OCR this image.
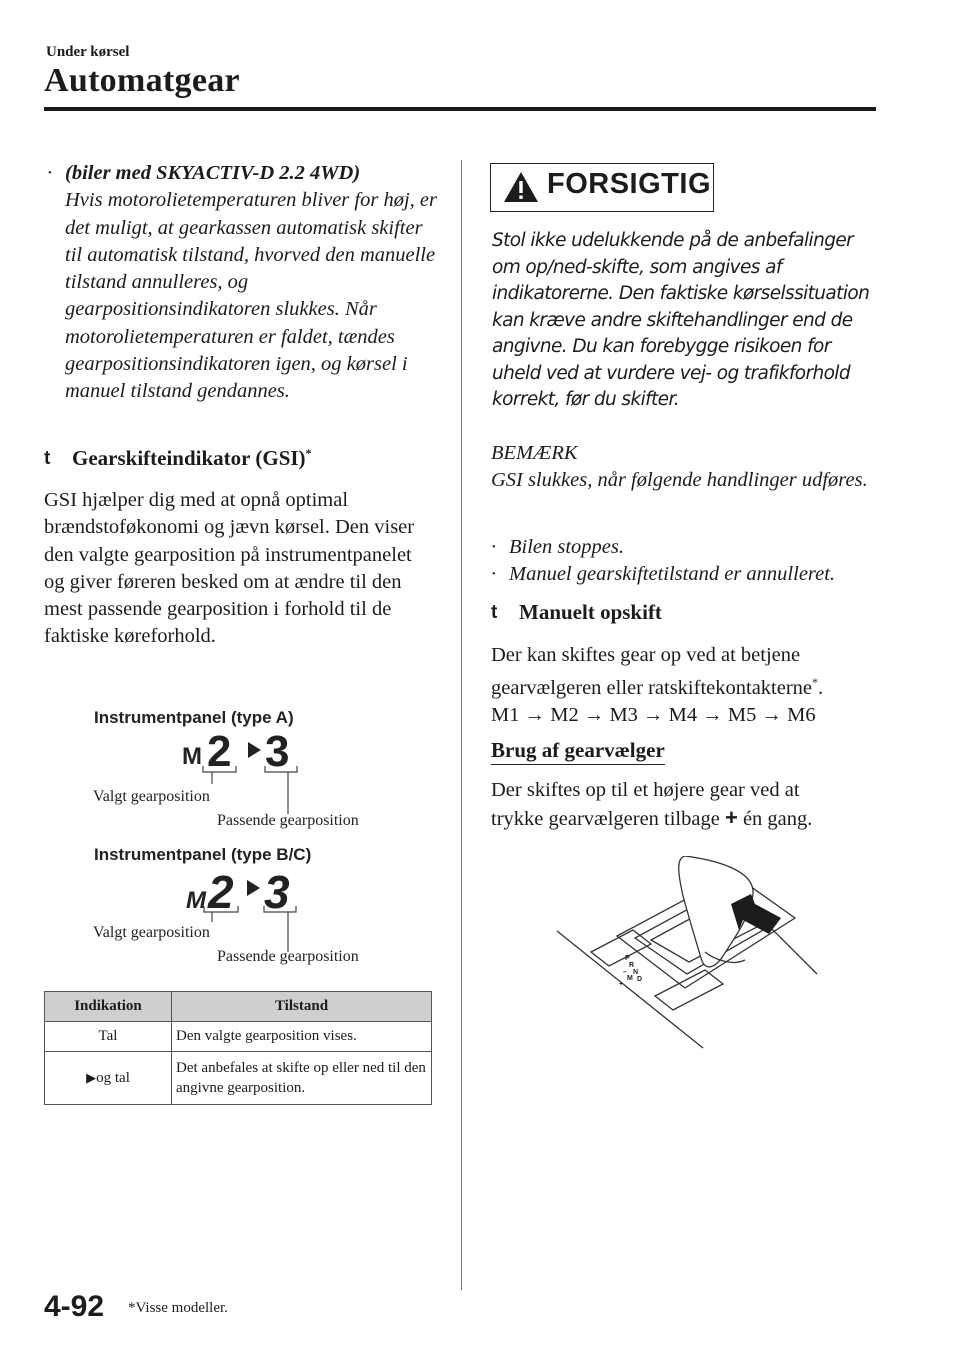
Under kørsel
Automatgear
· (biler med SKYACTIV-D 2.2 4WD)
Hvis motorolietemperaturen bliver for høj, er det muligt, at gearkassen automatisk skifter til automatisk tilstand, hvorved den manuelle tilstand annulleres, og gearpositionsindikatoren slukkes. Når motorolietemperaturen er faldet, tændes gearpositionsindikatoren igen, og kørsel i manuel tilstand gendannes.
t Gearskifteindikator (GSI)*
GSI hjælper dig med at opnå optimal brændstoføkonomi og jævn kørsel. Den viser den valgte gearposition på instrumentpanelet og giver føreren besked om at ændre til den mest passende gearposition i forhold til de faktiske køreforhold.
Instrumentpanel (type A)
M 2 3
Valgt gearposition
Passende gearposition
Instrumentpanel (type B/C)
M 2 3
Valgt gearposition
Passende gearposition
Indikation	Tilstand
Tal	Den valgte gearposition vises.
▶og tal	Det anbefales at skifte op eller ned til den angivne gearposition.
FORSIGTIG
Stol ikke udelukkende på de anbefalinger om op/ned-skifte, som angives af indikatorerne. Den faktiske kørselssituation kan kræve andre skiftehandlinger end de angivne. Du kan forebygge risikoen for uheld ved at vurdere vej- og trafikforhold korrekt, før du skifter.
BEMÆRK
GSI slukkes, når følgende handlinger udføres.
· Bilen stoppes.
· Manuel gearskiftetilstand er annulleret.
t Manuelt opskift
Der kan skiftes gear op ved at betjene
gearvælgeren eller ratskiftekontakterne*.
M1 → M2 → M3 → M4 → M5 → M6
Brug af gearvælger
Der skiftes op til et højere gear ved at
trykke gearvælgeren tilbage + én gang.
P
R
N
D
M
–
+
4-92 *Visse modeller.
